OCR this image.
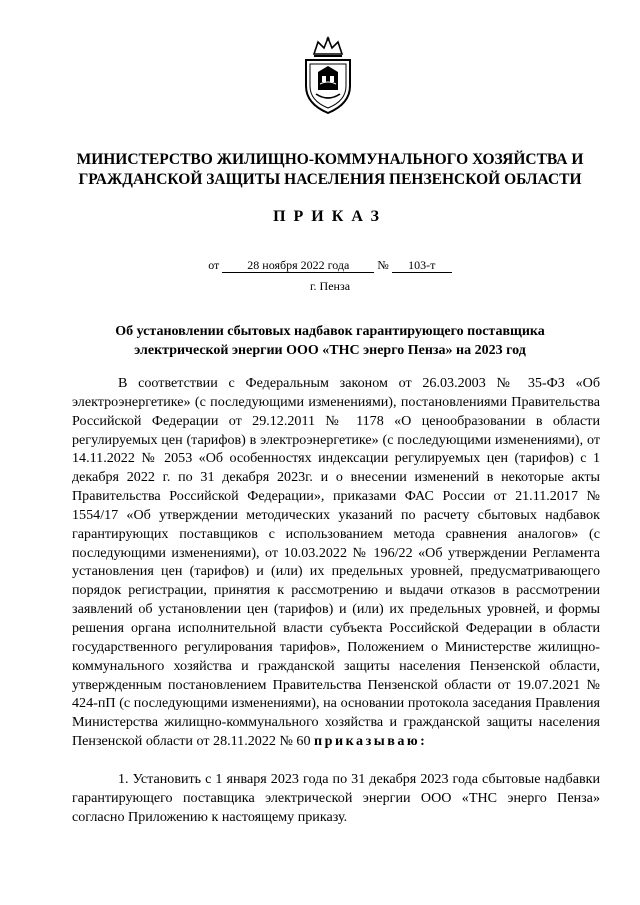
МИНИСТЕРСТВО ЖИЛИЩНО-КОММУНАЛЬНОГО ХОЗЯЙСТВА И
ГРАЖДАНСКОЙ ЗАЩИТЫ НАСЕЛЕНИЯ ПЕНЗЕНСКОЙ ОБЛАСТИ
ПРИКАЗ
от 28 ноября 2022 года № 103-т
г. Пенза
Об установлении сбытовых надбавок гарантирующего поставщика
электрической энергии ООО «ТНС энерго Пенза» на 2023 год

В соответствии с Федеральным законом от 26.03.2003 № 35-ФЗ «Об электроэнергетике» (с последующими изменениями), постановлениями Правительства Российской Федерации от 29.12.2011 № 1178 «О ценообразовании в области регулируемых цен (тарифов) в электроэнергетике» (с последующими изменениями), от 14.11.2022 № 2053 «Об особенностях индексации регулируемых цен (тарифов) с 1 декабря 2022 г. по 31 декабря 2023г. и о внесении изменений в некоторые акты Правительства Российской Федерации», приказами ФАС России от 21.11.2017 № 1554/17 «Об утверждении методических указаний по расчету сбытовых надбавок гарантирующих поставщиков с использованием метода сравнения аналогов» (с последующими изменениями), от 10.03.2022 № 196/22 «Об утверждении Регламента установления цен (тарифов) и (или) их предельных уровней, предусматривающего порядок регистрации, принятия к рассмотрению и выдачи отказов в рассмотрении заявлений об установлении цен (тарифов) и (или) их предельных уровней, и формы решения органа исполнительной власти субъекта Российской Федерации в области государственного регулирования тарифов», Положением о Министерстве жилищно-коммунального хозяйства и гражданской защиты населения Пензенской области, утвержденным постановлением Правительства Пензенской области от 19.07.2021 № 424-пП (с последующими изменениями), на основании протокола заседания Правления Министерства жилищно-коммунального хозяйства и гражданской защиты населения Пензенской области от 28.11.2022 № 60 приказываю:

1. Установить с 1 января 2023 года по 31 декабря 2023 года сбытовые надбавки гарантирующего поставщика электрической энергии ООО «ТНС энерго Пенза» согласно Приложению к настоящему приказу.
